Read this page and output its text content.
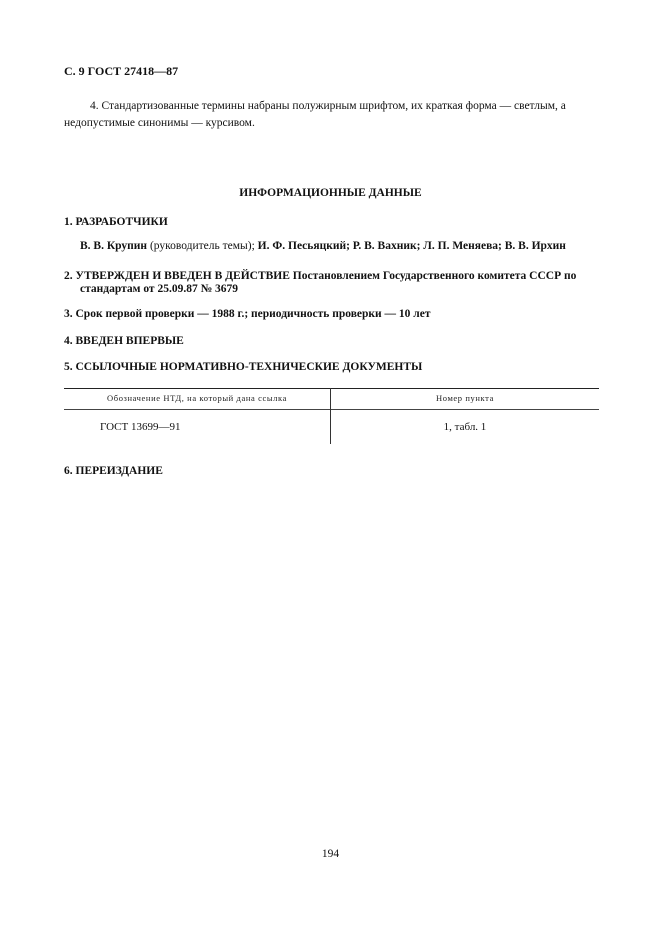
С. 9 ГОСТ 27418—87
4. Стандартизованные термины набраны полужирным шрифтом, их краткая форма — светлым, а недопустимые синонимы — курсивом.
ИНФОРМАЦИОННЫЕ ДАННЫЕ
1. РАЗРАБОТЧИКИ
В. В. Крупин (руководитель темы); И. Ф. Песьяцкий; Р. В. Вахник; Л. П. Меняева; В. В. Ирхин
2. УТВЕРЖДЕН И ВВЕДЕН В ДЕЙСТВИЕ Постановлением Государственного комитета СССР по
стандартам от 25.09.87 № 3679
3. Срок первой проверки — 1988 г.; периодичность проверки — 10 лет
4. ВВЕДЕН ВПЕРВЫЕ
5. ССЫЛОЧНЫЕ НОРМАТИВНО-ТЕХНИЧЕСКИЕ ДОКУМЕНТЫ
Обозначение НТД, на который дана ссылка	Номер пункта
ГОСТ 13699—91	1, табл. 1
6. ПЕРЕИЗДАНИЕ
194
